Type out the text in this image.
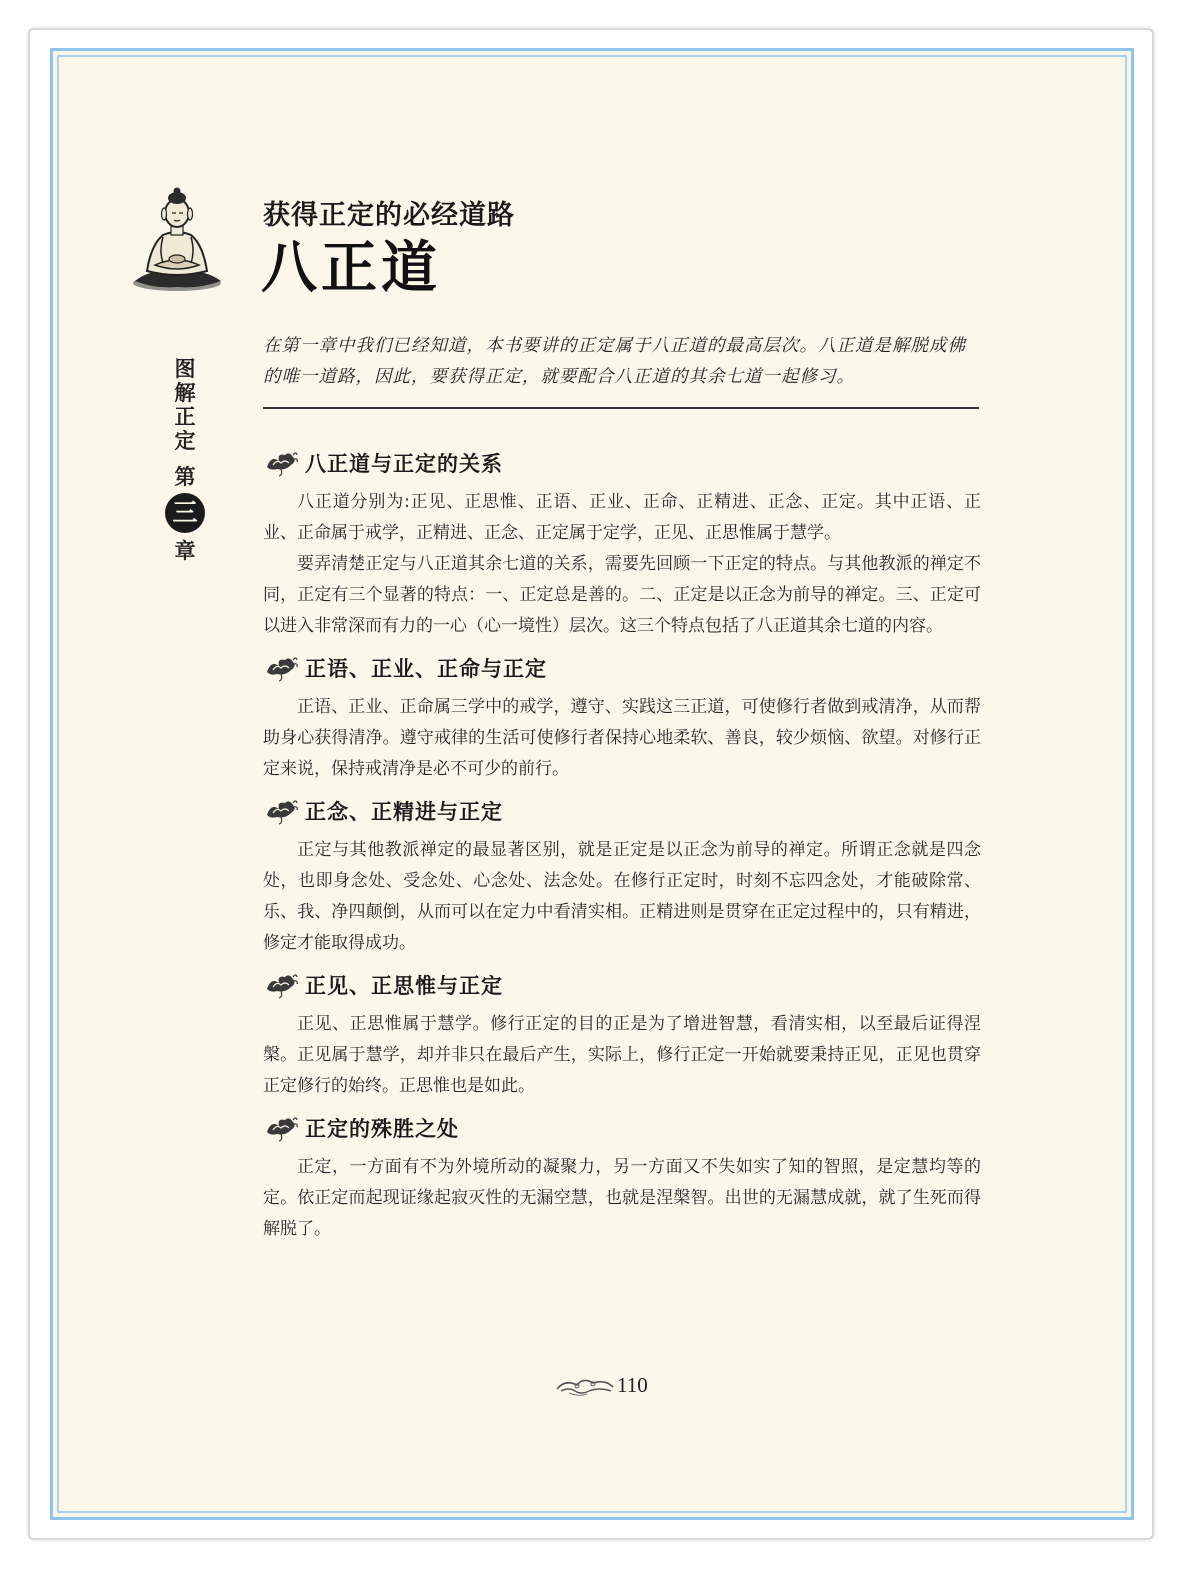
图
解
正
定
第
三
章
获得正定的必经道路
八正道
在第一章中我们已经知道，本书要讲的正定属于八正道的最高层次。八正道是解脱成佛的唯一道路，因此，要获得正定，就要配合八正道的其余七道一起修习。
八正道与正定的关系

八正道分别为:正见、正思惟、正语、正业、正命、正精进、正念、正定。其中正语、正业、正命属于戒学，正精进、正念、正定属于定学，正见、正思惟属于慧学。

要弄清楚正定与八正道其余七道的关系，需要先回顾一下正定的特点。与其他教派的禅定不同，正定有三个显著的特点：一、正定总是善的。二、正定是以正念为前导的禅定。三、正定可以进入非常深而有力的一心（心一境性）层次。这三个特点包括了八正道其余七道的内容。

正语、正业、正命与正定

正语、正业、正命属三学中的戒学，遵守、实践这三正道，可使修行者做到戒清净，从而帮助身心获得清净。遵守戒律的生活可使修行者保持心地柔软、善良，较少烦恼、欲望。对修行正定来说，保持戒清净是必不可少的前行。

正念、正精进与正定

正定与其他教派禅定的最显著区别，就是正定是以正念为前导的禅定。所谓正念就是四念处，也即身念处、受念处、心念处、法念处。在修行正定时，时刻不忘四念处，才能破除常、乐、我、净四颠倒，从而可以在定力中看清实相。正精进则是贯穿在正定过程中的，只有精进，修定才能取得成功。

正见、正思惟与正定

正见、正思惟属于慧学。修行正定的目的正是为了增进智慧，看清实相，以至最后证得涅槃。正见属于慧学，却并非只在最后产生，实际上，修行正定一开始就要秉持正见，正见也贯穿正定修行的始终。正思惟也是如此。

正定的殊胜之处

正定，一方面有不为外境所动的凝聚力，另一方面又不失如实了知的智照，是定慧均等的定。依正定而起现证缘起寂灭性的无漏空慧，也就是涅槃智。出世的无漏慧成就，就了生死而得解脱了。

110
